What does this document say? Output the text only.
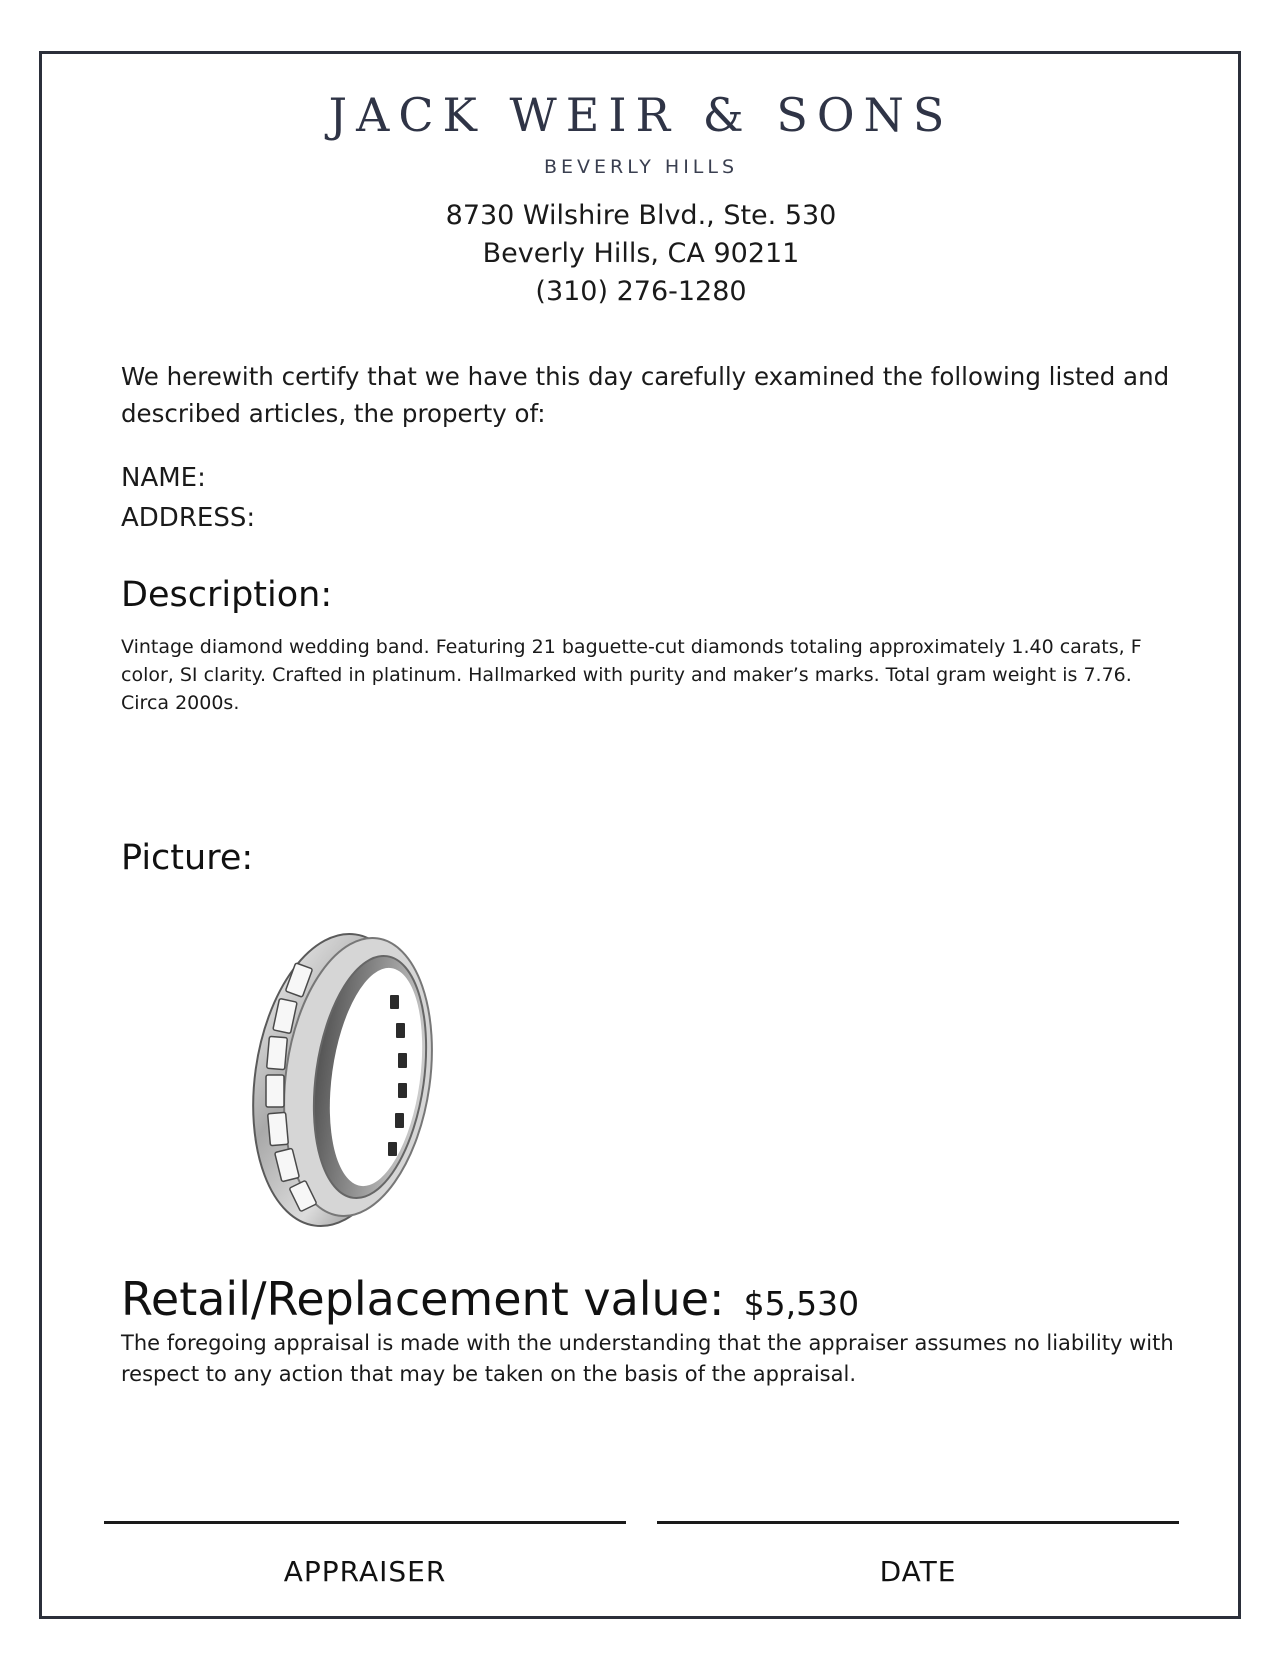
JACK WEIR & SONS
BEVERLY HILLS
8730 Wilshire Blvd., Ste. 530
Beverly Hills, CA 90211
(310) 276-1280
We herewith certify that we have this day carefully examined the following listed and described articles, the property of:
NAME:
ADDRESS:
Description:
Vintage diamond wedding band. Featuring 21 baguette-cut diamonds totaling approximately 1.40 carats, F color, SI clarity. Crafted in platinum. Hallmarked with purity and maker’s marks. Total gram weight is 7.76. Circa 2000s.
Picture:
Retail/Replacement value: $5,530
The foregoing appraisal is made with the understanding that the appraiser assumes no liability with respect to any action that may be taken on the basis of the appraisal.
APPRAISER	DATE
